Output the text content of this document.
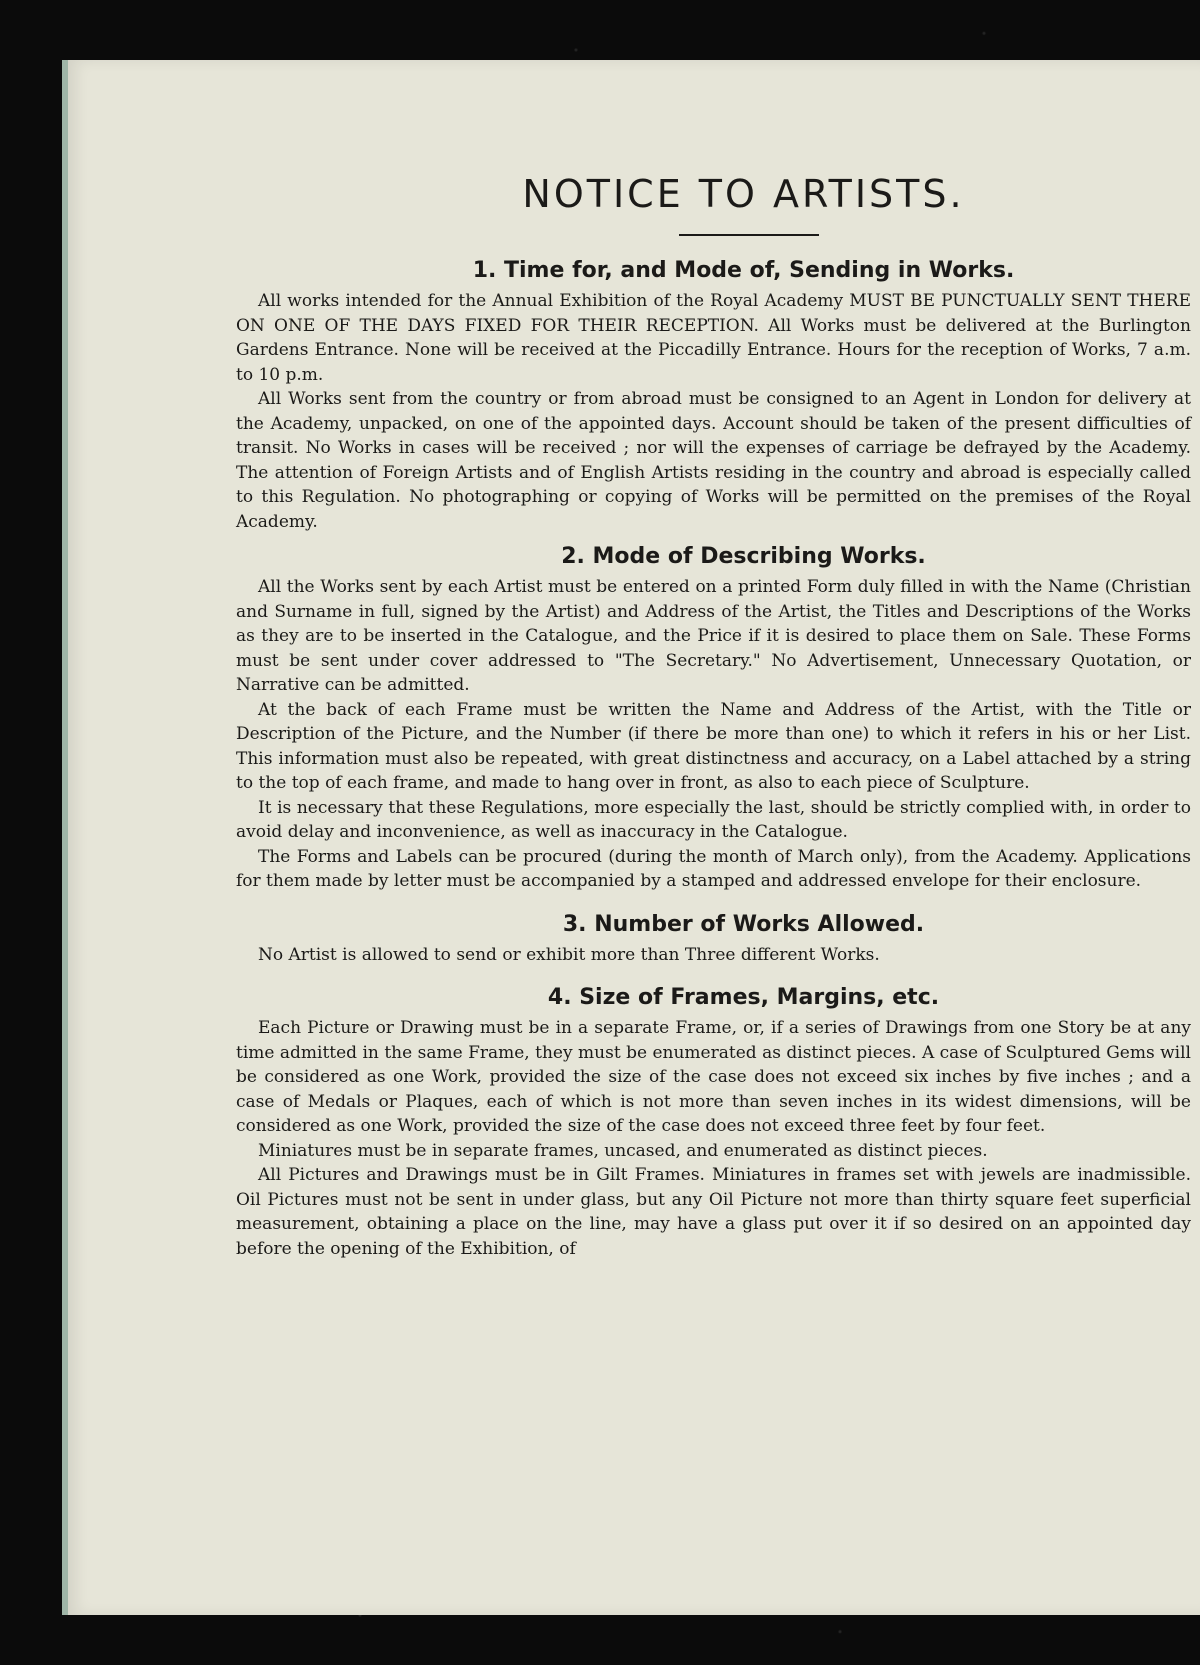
NOTICE TO ARTISTS.
1. Time for, and Mode of, Sending in Works.

All works intended for the Annual Exhibition of the Royal Academy MUST BE PUNCTUALLY SENT THERE ON ONE OF THE DAYS FIXED FOR THEIR RECEPTION. All Works must be delivered at the Burlington Gardens Entrance. None will be received at the Piccadilly Entrance. Hours for the reception of Works, 7 a.m. to 10 p.m.

All Works sent from the country or from abroad must be consigned to an Agent in London for delivery at the Academy, unpacked, on one of the appointed days. Account should be taken of the present difficulties of transit. No Works in cases will be received ; nor will the expenses of carriage be defrayed by the Academy. The attention of Foreign Artists and of English Artists residing in the country and abroad is especially called to this Regulation. No photographing or copying of Works will be permitted on the premises of the Royal Academy.

2. Mode of Describing Works.

All the Works sent by each Artist must be entered on a printed Form duly filled in with the Name (Christian and Surname in full, signed by the Artist) and Address of the Artist, the Titles and Descriptions of the Works as they are to be inserted in the Catalogue, and the Price if it is desired to place them on Sale. These Forms must be sent under cover addressed to "The Secretary." No Advertisement, Unnecessary Quotation, or Narrative can be admitted.

At the back of each Frame must be written the Name and Address of the Artist, with the Title or Description of the Picture, and the Number (if there be more than one) to which it refers in his or her List. This information must also be repeated, with great distinctness and accuracy, on a Label attached by a string to the top of each frame, and made to hang over in front, as also to each piece of Sculpture.

It is necessary that these Regulations, more especially the last, should be strictly complied with, in order to avoid delay and inconvenience, as well as inaccuracy in the Catalogue.

The Forms and Labels can be procured (during the month of March only), from the Academy. Applications for them made by letter must be accompanied by a stamped and addressed envelope for their enclosure.

3. Number of Works Allowed.

No Artist is allowed to send or exhibit more than Three different Works.

4. Size of Frames, Margins, etc.

Each Picture or Drawing must be in a separate Frame, or, if a series of Drawings from one Story be at any time admitted in the same Frame, they must be enumerated as distinct pieces. A case of Sculptured Gems will be considered as one Work, provided the size of the case does not exceed six inches by five inches ; and a case of Medals or Plaques, each of which is not more than seven inches in its widest dimensions, will be considered as one Work, provided the size of the case does not exceed three feet by four feet.

Miniatures must be in separate frames, uncased, and enumerated as distinct pieces.

All Pictures and Drawings must be in Gilt Frames. Miniatures in frames set with jewels are inadmissible. Oil Pictures must not be sent in under glass, but any Oil Picture not more than thirty square feet superficial measurement, obtaining a place on the line, may have a glass put over it if so desired on an appointed day before the opening of the Exhibition, of
